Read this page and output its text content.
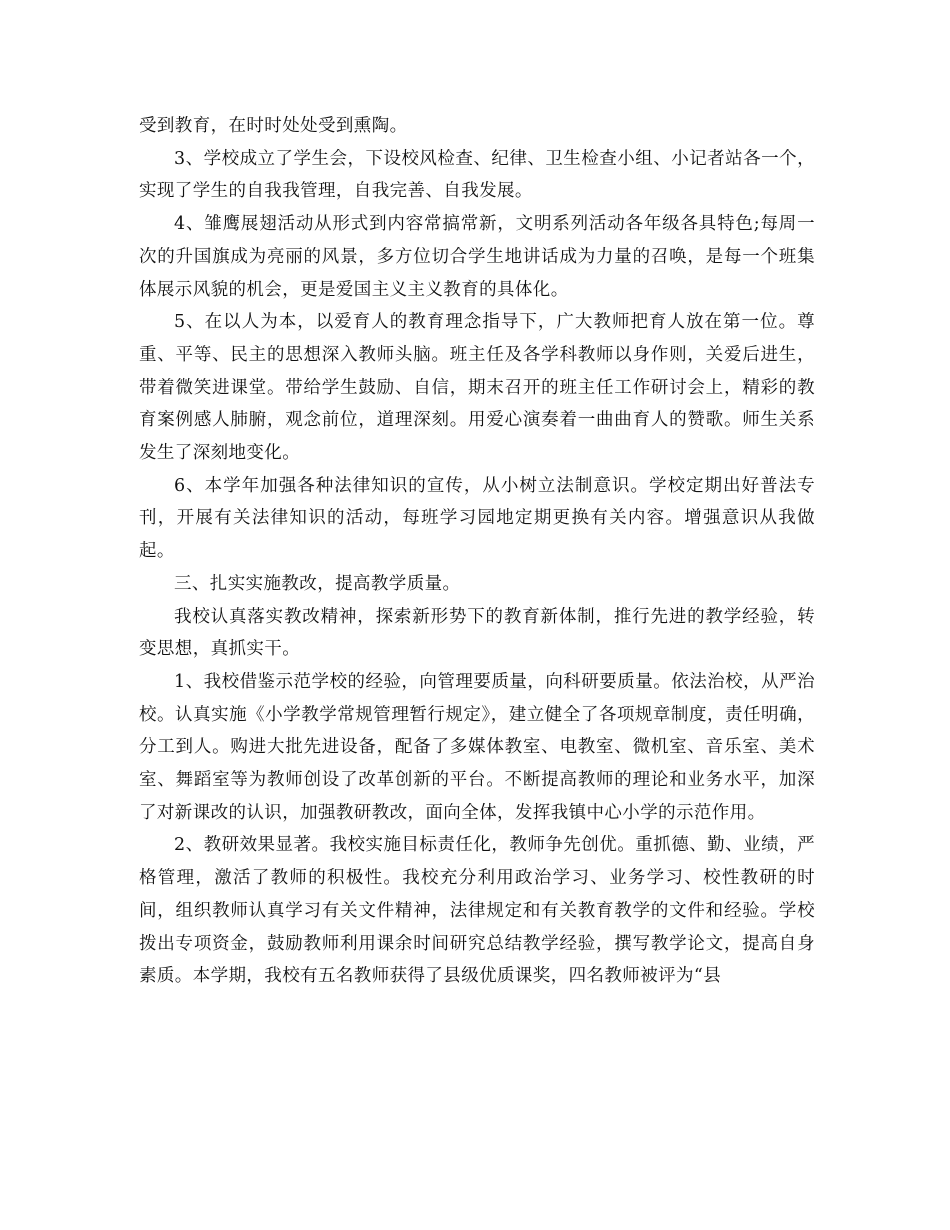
受到教育，在时时处处受到熏陶。

3、学校成立了学生会，下设校风检查、纪律、卫生检查小组、小记者站各一个，实现了学生的自我我管理，自我完善、自我发展。

4、雏鹰展翅活动从形式到内容常搞常新，文明系列活动各年级各具特色;每周一次的升国旗成为亮丽的风景，多方位切合学生地讲话成为力量的召唤，是每一个班集体展示风貌的机会，更是爱国主义主义教育的具体化。

5、在以人为本，以爱育人的教育理念指导下，广大教师把育人放在第一位。尊重、平等、民主的思想深入教师头脑。班主任及各学科教师以身作则，关爱后进生，带着微笑进课堂。带给学生鼓励、自信，期末召开的班主任工作研讨会上，精彩的教育案例感人肺腑，观念前位，道理深刻。用爱心演奏着一曲曲育人的赞歌。师生关系发生了深刻地变化。

6、本学年加强各种法律知识的宣传，从小树立法制意识。学校定期出好普法专刊，开展有关法律知识的活动，每班学习园地定期更换有关内容。增强意识从我做起。

三、扎实实施教改，提高教学质量。

我校认真落实教改精神，探索新形势下的教育新体制，推行先进的教学经验，转变思想，真抓实干。

1、我校借鉴示范学校的经验，向管理要质量，向科研要质量。依法治校，从严治校。认真实施《小学教学常规管理暂行规定》，建立健全了各项规章制度，责任明确，分工到人。购进大批先进设备，配备了多媒体教室、电教室、微机室、音乐室、美术室、舞蹈室等为教师创设了改革创新的平台。不断提高教师的理论和业务水平，加深了对新课改的认识，加强教研教改，面向全体，发挥我镇中心小学的示范作用。

2、教研效果显著。我校实施目标责任化，教师争先创优。重抓德、勤、业绩，严格管理，激活了教师的积极性。我校充分利用政治学习、业务学习、校性教研的时间，组织教师认真学习有关文件精神，法律规定和有关教育教学的文件和经验。学校拨出专项资金，鼓励教师利用课余时间研究总结教学经验，撰写教学论文，提高自身素质。本学期，我校有五名教师获得了县级优质课奖，四名教师被评为“县
